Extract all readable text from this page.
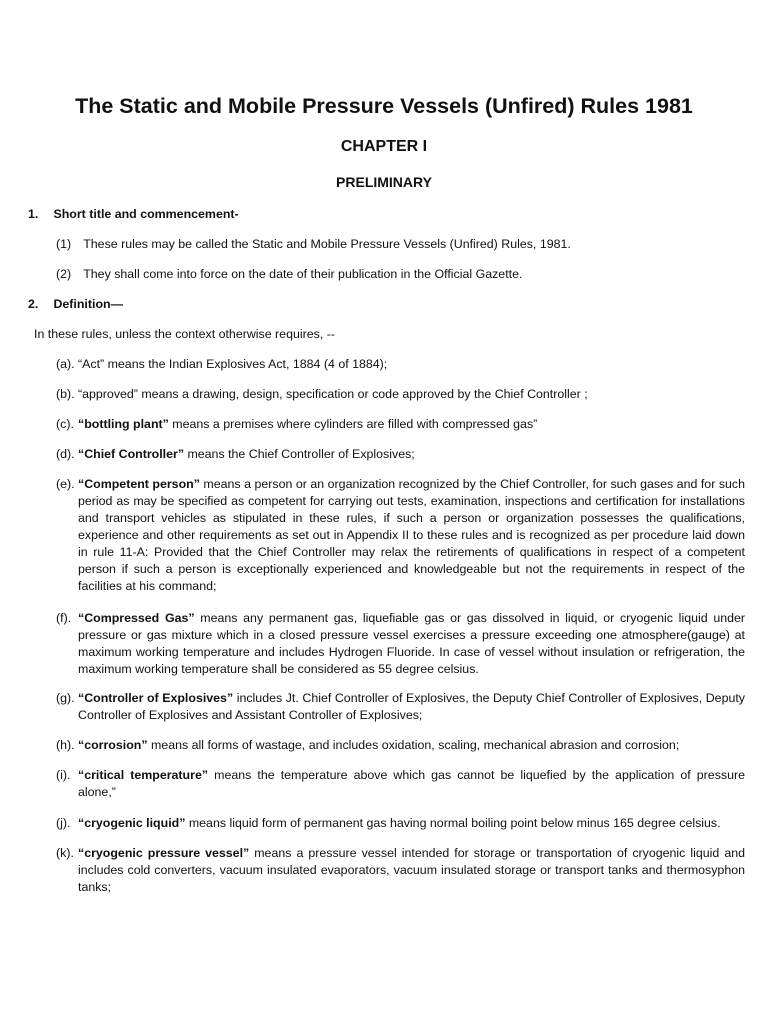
The Static and Mobile Pressure Vessels (Unfired) Rules 1981
CHAPTER I
PRELIMINARY
1. Short title and commencement-
(1) These rules may be called the Static and Mobile Pressure Vessels (Unfired) Rules, 1981.
(2) They shall come into force on the date of their publication in the Official Gazette.
2. Definition—
In these rules, unless the context otherwise requires, --
(a). “Act” means the Indian Explosives Act, 1884 (4 of 1884);
(b). “approved” means a drawing, design, specification or code approved by the Chief Controller ;
(c). “bottling plant” means a premises where cylinders are filled with compressed gas”
(d). “Chief Controller” means the Chief Controller of Explosives;
(e). “Competent person” means a person or an organization recognized by the Chief Controller, for such gases and for such period as may be specified as competent for carrying out tests, examination, inspections and certification for installations and transport vehicles as stipulated in these rules, if such a person or organization possesses the qualifications, experience and other requirements as set out in Appendix II to these rules and is recognized as per procedure laid down in rule 11-A: Provided that the Chief Controller may relax the retirements of qualifications in respect of a competent person if such a person is exceptionally experienced and knowledgeable but not the requirements in respect of the facilities at his command;
(f). “Compressed Gas” means any permanent gas, liquefiable gas or gas dissolved in liquid, or cryogenic liquid under pressure or gas mixture which in a closed pressure vessel exercises a pressure exceeding one atmosphere(gauge) at maximum working temperature and includes Hydrogen Fluoride. In case of vessel without insulation or refrigeration, the maximum working temperature shall be considered as 55 degree celsius.
(g). “Controller of Explosives” includes Jt. Chief Controller of Explosives, the Deputy Chief Controller of Explosives, Deputy Controller of Explosives and Assistant Controller of Explosives;
(h). “corrosion” means all forms of wastage, and includes oxidation, scaling, mechanical abrasion and corrosion;
(i). “critical temperature” means the temperature above which gas cannot be liquefied by the application of pressure alone,”
(j). “cryogenic liquid” means liquid form of permanent gas having normal boiling point below minus 165 degree celsius.
(k). “cryogenic pressure vessel” means a pressure vessel intended for storage or transportation of cryogenic liquid and includes cold converters, vacuum insulated evaporators, vacuum insulated storage or transport tanks and thermosyphon tanks;
